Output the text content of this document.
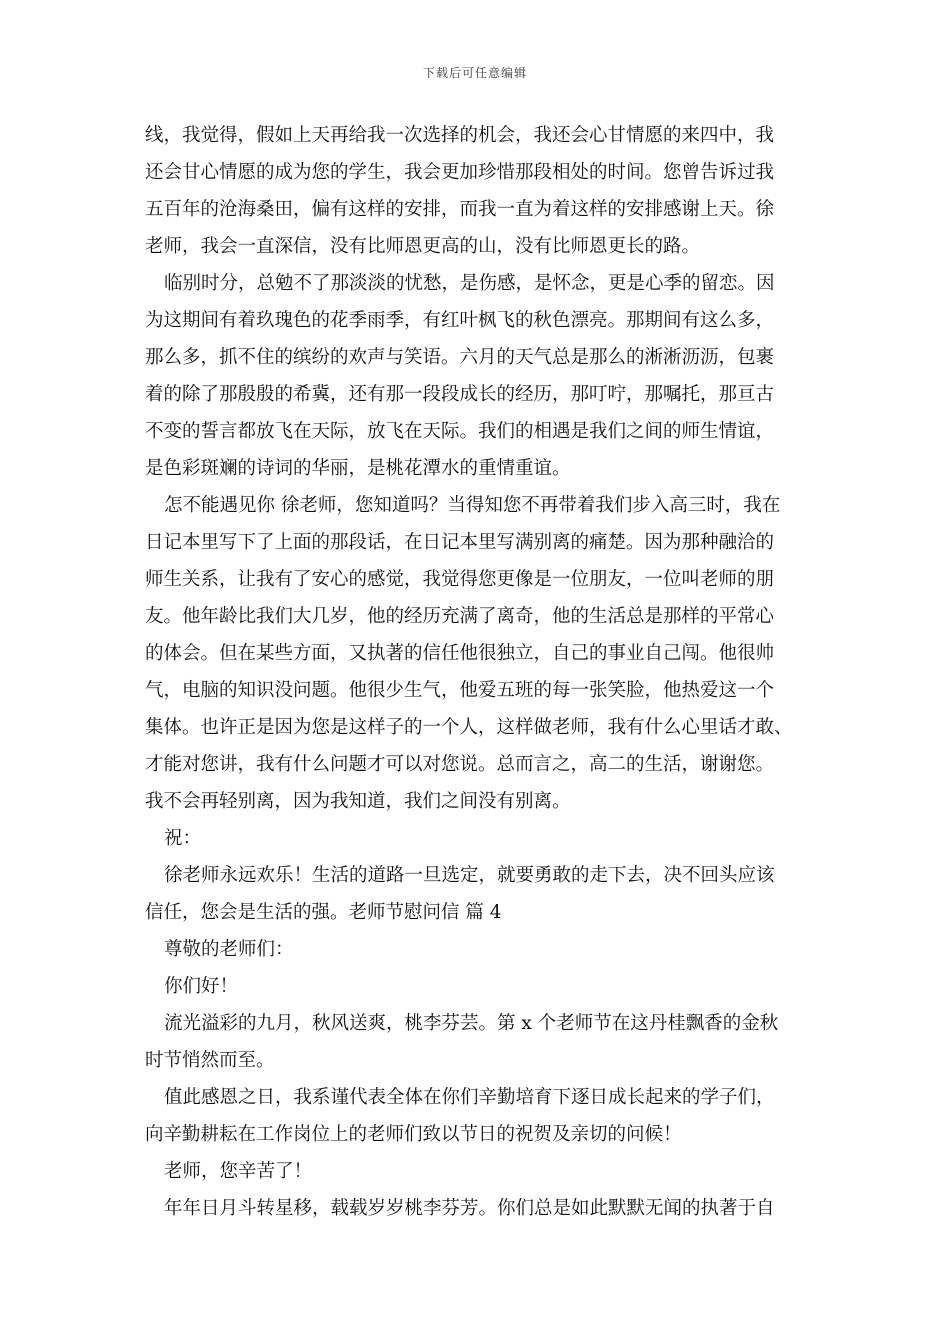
下载后可任意编辑
线，我觉得，假如上天再给我一次选择的机会，我还会心甘情愿的来四中，我
还会甘心情愿的成为您的学生，我会更加珍惜那段相处的时间。您曾告诉过我
五百年的沧海桑田，偏有这样的安排，而我一直为着这样的安排感谢上天。徐
老师，我会一直深信，没有比师恩更高的山，没有比师恩更长的路。
临别时分，总勉不了那淡淡的忧愁，是伤感，是怀念，更是心季的留恋。因
为这期间有着玖瑰色的花季雨季，有红叶枫飞的秋色漂亮。那期间有这么多，
那么多，抓不住的缤纷的欢声与笑语。六月的天气总是那么的淅淅沥沥，包裹
着的除了那殷殷的希冀，还有那一段段成长的经历，那叮咛，那嘱托，那亘古
不变的誓言都放飞在天际，放飞在天际。我们的相遇是我们之间的师生情谊，
是色彩斑斓的诗词的华丽，是桃花潭水的重情重谊。
怎不能遇见你 徐老师，您知道吗？当得知您不再带着我们步入高三时，我在
日记本里写下了上面的那段话，在日记本里写满别离的痛楚。因为那种融洽的
师生关系，让我有了安心的感觉，我觉得您更像是一位朋友，一位叫老师的朋
友。他年龄比我们大几岁，他的经历充满了离奇，他的生活总是那样的平常心
的体会。但在某些方面，又执著的信任他很独立，自己的事业自己闯。他很帅
气，电脑的知识没问题。他很少生气，他爱五班的每一张笑脸，他热爱这一个
集体。也许正是因为您是这样子的一个人，这样做老师，我有什么心里话才敢、
才能对您讲，我有什么问题才可以对您说。总而言之，高二的生活，谢谢您。
我不会再轻别离，因为我知道，我们之间没有别离。
祝：
徐老师永远欢乐！生活的道路一旦选定，就要勇敢的走下去，决不回头应该
信任，您会是生活的强。老师节慰问信 篇 4
尊敬的老师们：
你们好！
流光溢彩的九月，秋风送爽，桃李芬芸。第 x 个老师节在这丹桂飘香的金秋
时节悄然而至。
值此感恩之日，我系谨代表全体在你们辛勤培育下逐日成长起来的学子们，
向辛勤耕耘在工作岗位上的老师们致以节日的祝贺及亲切的问候！
老师，您辛苦了！
年年日月斗转星移，载载岁岁桃李芬芳。你们总是如此默默无闻的执著于自
